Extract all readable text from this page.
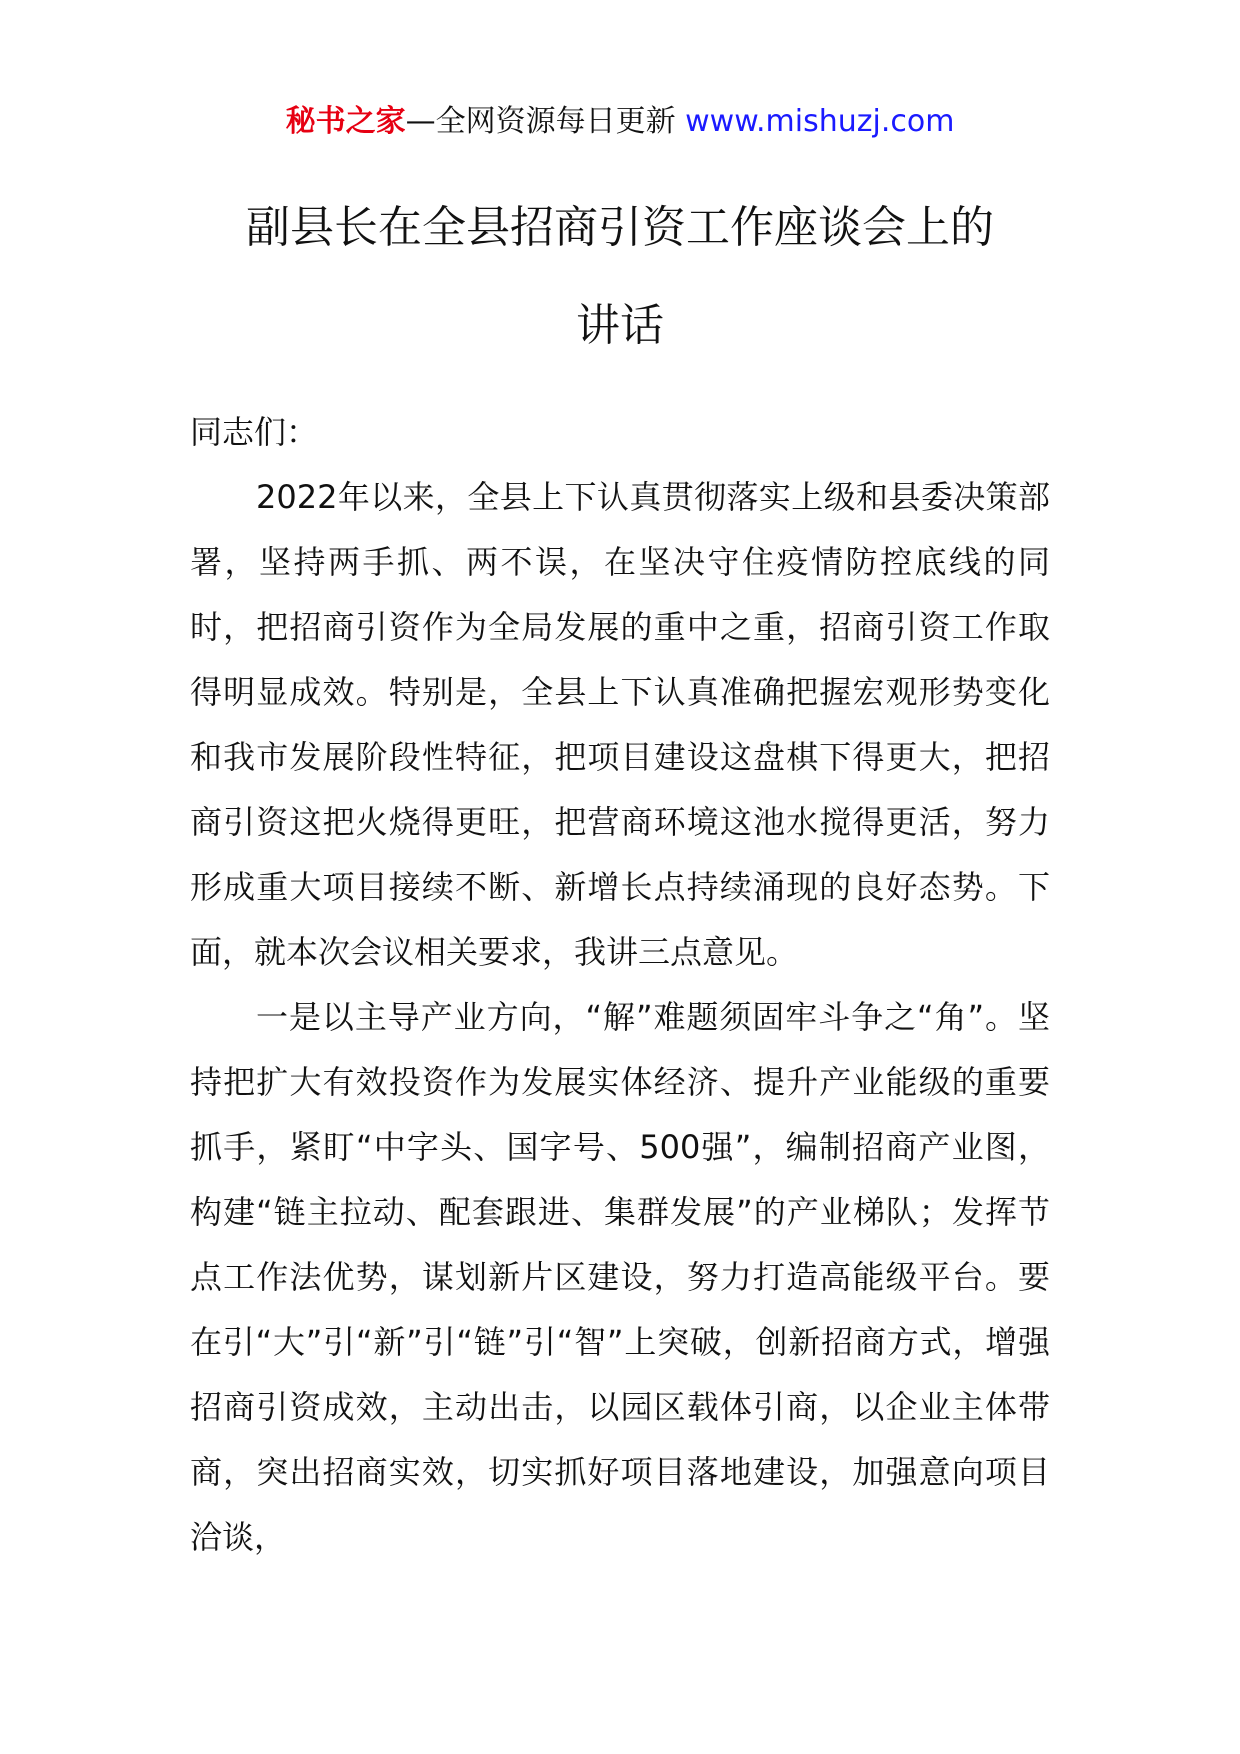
秘书之家—全网资源每日更新 www.mishuzj.com
副县长在全县招商引资工作座谈会上的
讲话

同志们：

2022年以来，全县上下认真贯彻落实上级和县委决策部署，坚持两手抓、两不误，在坚决守住疫情防控底线的同时，把招商引资作为全局发展的重中之重，招商引资工作取得明显成效。特别是，全县上下认真准确把握宏观形势变化和我市发展阶段性特征，把项目建设这盘棋下得更大，把招商引资这把火烧得更旺，把营商环境这池水搅得更活，努力形成重大项目接续不断、新增长点持续涌现的良好态势。下面，就本次会议相关要求，我讲三点意见。

一是以主导产业方向，“解”难题须固牢斗争之“角”。坚持把扩大有效投资作为发展实体经济、提升产业能级的重要抓手，紧盯“中字头、国字号、500强”，编制招商产业图，构建“链主拉动、配套跟进、集群发展”的产业梯队；发挥节点工作法优势，谋划新片区建设，努力打造高能级平台。要在引“大”引“新”引“链”引“智”上突破，创新招商方式，增强招商引资成效，主动出击，以园区载体引商，以企业主体带商，突出招商实效，切实抓好项目落地建设，加强意向项目洽谈，
